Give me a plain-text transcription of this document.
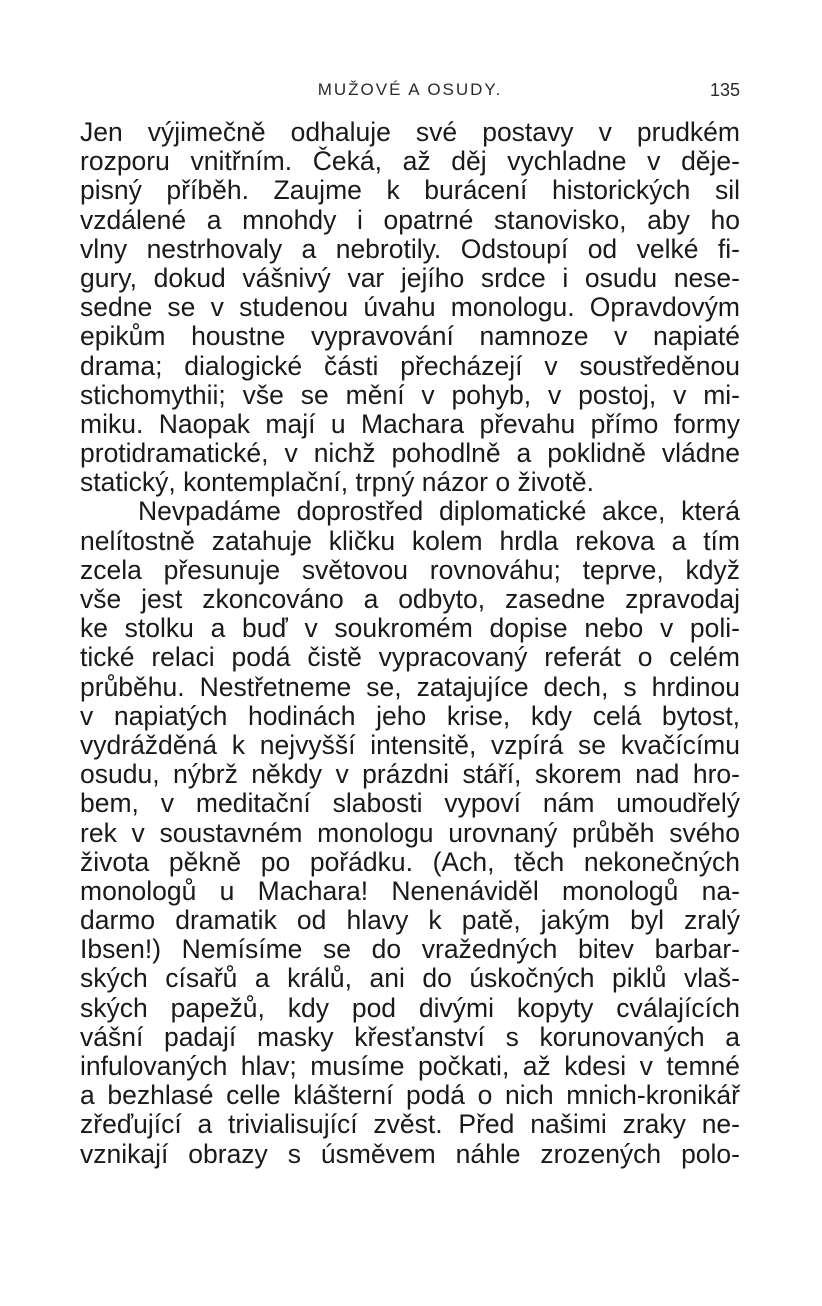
MUŽOVÉ A OSUDY.	135
Jen výjimečně odhaluje své postavy v prudkém
rozporu vnitřním. Čeká, až děj vychladne v děje-
pisný příběh. Zaujme k burácení historických sil
vzdálené a mnohdy i opatrné stanovisko, aby ho
vlny nestrhovaly a nebrotily. Odstoupí od velké fi-
gury, dokud vášnivý var jejího srdce i osudu nese-
sedne se v studenou úvahu monologu. Opravdovým
epikům houstne vypravování namnoze v napiaté
drama; dialogické části přecházejí v soustředěnou
stichomythii; vše se mění v pohyb, v postoj, v mi-
miku. Naopak mají u Machara převahu přímo formy
protidramatické, v nichž pohodlně a poklidně vládne
statický, kontemplační, trpný názor o životě.
Nevpadáme doprostřed diplomatické akce, která
nelítostně zatahuje kličku kolem hrdla rekova a tím
zcela přesunuje světovou rovnováhu; teprve, když
vše jest zkoncováno a odbyto, zasedne zpravodaj
ke stolku a buď v soukromém dopise nebo v poli-
tické relaci podá čistě vypracovaný referát o celém
průběhu. Nestřetneme se, zatajujíce dech, s hrdinou
v napiatých hodinách jeho krise, kdy celá bytost,
vydrážděná k nejvyšší intensitě, vzpírá se kvačícímu
osudu, nýbrž někdy v prázdni stáří, skorem nad hro-
bem, v meditační slabosti vypoví nám umoudřelý
rek v soustavném monologu urovnaný průběh svého
života pěkně po pořádku. (Ach, těch nekonečných
monologů u Machara! Nenenáviděl monologů na-
darmo dramatik od hlavy k patě, jakým byl zralý
Ibsen!) Nemísíme se do vražedných bitev barbar-
ských císařů a králů, ani do úskočných piklů vlaš-
ských papežů, kdy pod divými kopyty cválajících
vášní padají masky křesťanství s korunovaných a
infulovaných hlav; musíme počkati, až kdesi v temné
a bezhlasé celle klášterní podá o nich mnich-kronikář
zřeďující a trivialisující zvěst. Před našimi zraky ne-
vznikají obrazy s úsměvem náhle zrozených polo-
